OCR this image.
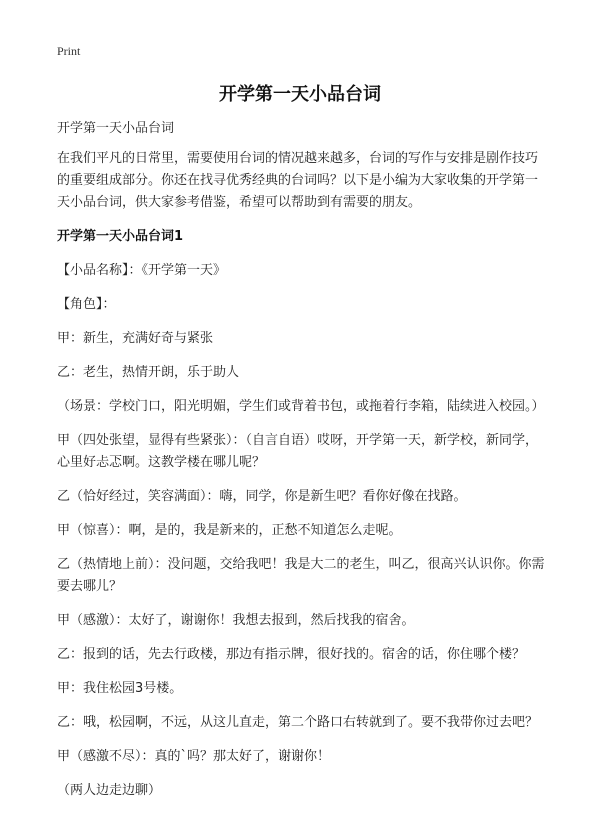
Print
开学第一天小品台词

开学第一天小品台词

在我们平凡的日常里，需要使用台词的情况越来越多，台词的写作与安排是剧作技巧的重要组成部分。你还在找寻优秀经典的台词吗？以下是小编为大家收集的开学第一天小品台词，供大家参考借鉴，希望可以帮助到有需要的朋友。

开学第一天小品台词1

【小品名称】：《开学第一天》

【角色】：

甲：新生，充满好奇与紧张

乙：老生，热情开朗，乐于助人

（场景：学校门口，阳光明媚，学生们或背着书包，或拖着行李箱，陆续进入校园。）

甲（四处张望，显得有些紧张）：（自言自语）哎呀，开学第一天，新学校，新同学，心里好忐忑啊。这教学楼在哪儿呢？

乙（恰好经过，笑容满面）：嗨，同学，你是新生吧？看你好像在找路。

甲（惊喜）：啊，是的，我是新来的，正愁不知道怎么走呢。

乙（热情地上前）：没问题，交给我吧！我是大二的老生，叫乙，很高兴认识你。你需要去哪儿？

甲（感激）：太好了，谢谢你！我想去报到，然后找我的宿舍。

乙：报到的话，先去行政楼，那边有指示牌，很好找的。宿舍的话，你住哪个楼？

甲：我住松园3号楼。

乙：哦，松园啊，不远，从这儿直走，第二个路口右转就到了。要不我带你过去吧？

甲（感激不尽）：真的`吗？那太好了，谢谢你！

（两人边走边聊）
